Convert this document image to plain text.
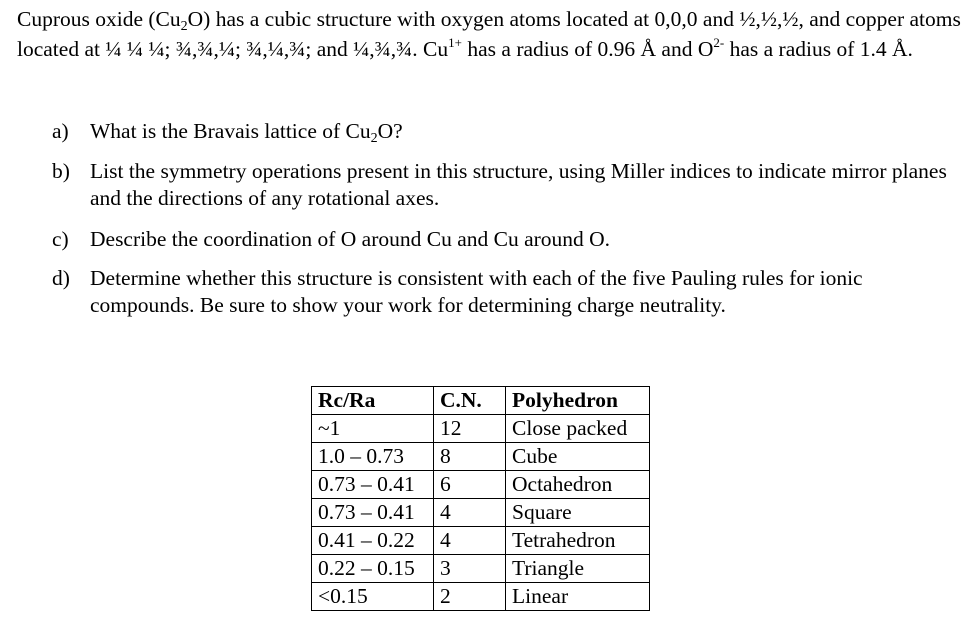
Cuprous oxide $(Cu_2O)$ has a cubic structure with oxygen atoms located at 0,0,0 and ½,½,½, and copper atoms located at ¼ ¼ ¼; ¾,¾,¼; ¾,¼,¾; and ¼,¾,¾. $Cu^{1+}$ has a radius of 0.96 Å and $O^{2-}$ has a radius of 1.4 Å.

a) What is the Bravais lattice of $Cu_2O$?
b) List the symmetry operations present in this structure, using Miller indices to indicate mirror planes and the directions of any rotational axes.
c) Describe the coordination of O around Cu and Cu around O.
d) Determine whether this structure is consistent with each of the five Pauling rules for ionic compounds. Be sure to show your work for determining charge neutrality.
Rc/Ra	C.N.	Polyhedron
~1	12	Close packed
1.0 – 0.73	8	Cube
0.73 – 0.41	6	Octahedron
0.73 – 0.41	4	Square
0.41 – 0.22	4	Tetrahedron
0.22 – 0.15	3	Triangle
<0.15	2	Linear
